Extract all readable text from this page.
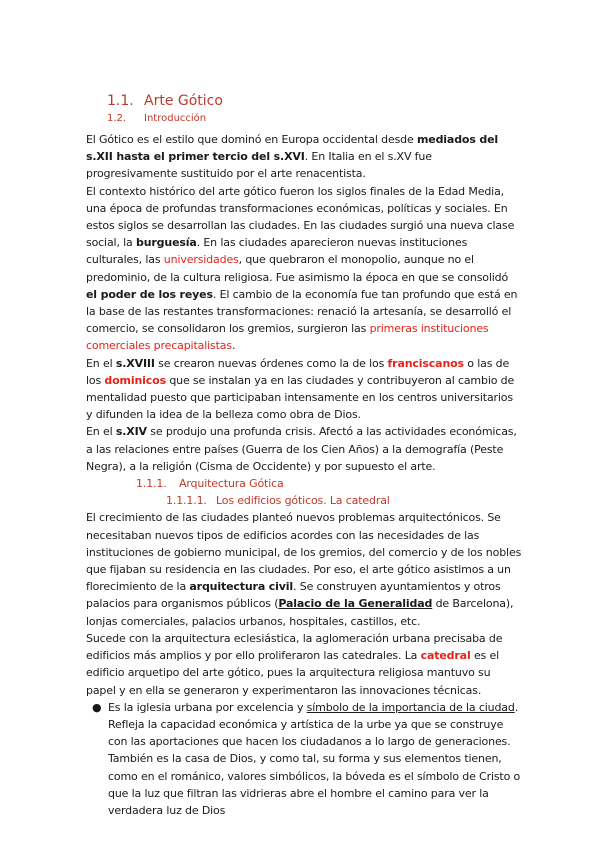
1.1. Arte Gótico
1.2. Introducción

El Gótico es el estilo que dominó en Europa occidental desde mediados del s.XII hasta el primer tercio del s.XVI. En Italia en el s.XV fue progresivamente sustituido por el arte renacentista.

El contexto histórico del arte gótico fueron los siglos finales de la Edad Media, una época de profundas transformaciones económicas, políticas y sociales. En estos siglos se desarrollan las ciudades. En las ciudades surgió una nueva clase social, la burguesía. En las ciudades aparecieron nuevas instituciones culturales, las universidades, que quebraron el monopolio, aunque no el predominio, de la cultura religiosa. Fue asimismo la época en que se consolidó el poder de los reyes. El cambio de la economía fue tan profundo que está en la base de las restantes transformaciones: renació la artesanía, se desarrolló el comercio, se consolidaron los gremios, surgieron las primeras instituciones comerciales precapitalistas.

En el s.XVIII se crearon nuevas órdenes como la de los franciscanos o las de los dominicos que se instalan ya en las ciudades y contribuyeron al cambio de mentalidad puesto que participaban intensamente en los centros universitarios y difunden la idea de la belleza como obra de Dios.

En el s.XIV se produjo una profunda crisis. Afectó a las actividades económicas, a las relaciones entre países (Guerra de los Cien Años) a la demografía (Peste Negra), a la religión (Cisma de Occidente) y por supuesto el arte.

1.1.1. Arquitectura Gótica

1.1.1.1. Los edificios góticos. La catedral

El crecimiento de las ciudades planteó nuevos problemas arquitectónicos. Se necesitaban nuevos tipos de edificios acordes con las necesidades de las instituciones de gobierno municipal, de los gremios, del comercio y de los nobles que fijaban su residencia en las ciudades. Por eso, el arte gótico asistimos a un florecimiento de la arquitectura civil. Se construyen ayuntamientos y otros palacios para organismos públicos (Palacio de la Generalidad de Barcelona), lonjas comerciales, palacios urbanos, hospitales, castillos, etc.

Sucede con la arquitectura eclesiástica, la aglomeración urbana precisaba de edificios más amplios y por ello proliferaron las catedrales. La catedral es el edificio arquetipo del arte gótico, pues la arquitectura religiosa mantuvo su papel y en ella se generaron y experimentaron las innovaciones técnicas.

● Es la iglesia urbana por excelencia y símbolo de la importancia de la ciudad. Refleja la capacidad económica y artística de la urbe ya que se construye con las aportaciones que hacen los ciudadanos a lo largo de generaciones. También es la casa de Dios, y como tal, su forma y sus elementos tienen, como en el románico, valores simbólicos, la bóveda es el símbolo de Cristo o que la luz que filtran las vidrieras abre el hombre el camino para ver la verdadera luz de Dios
